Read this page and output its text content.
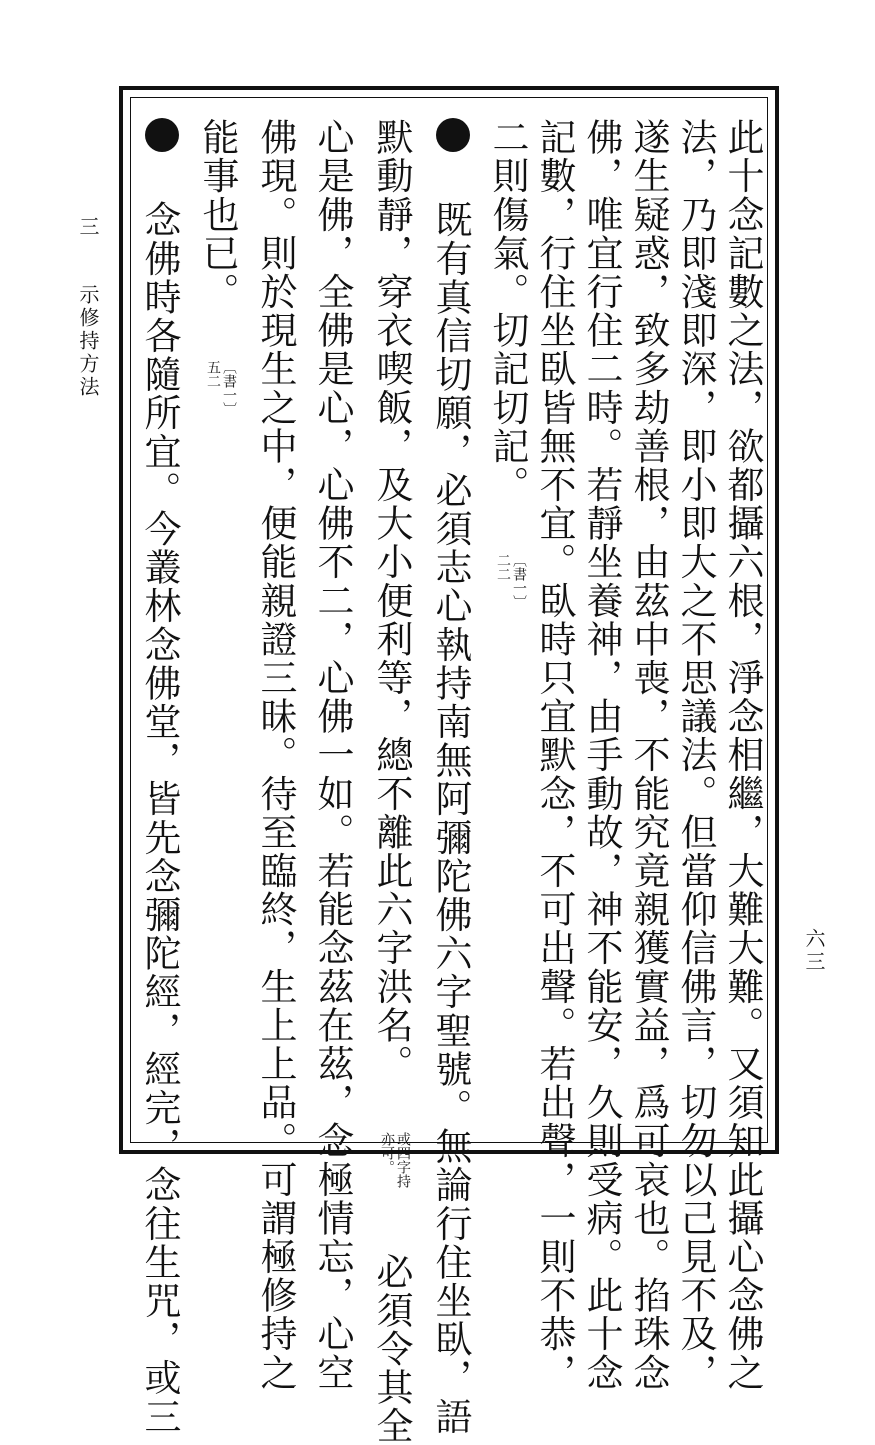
三 示修持方法
六三
此十念記數之法，欲都攝六根，淨念相繼，大難大難。又須知此攝心念佛之
法，乃即淺即深，即小即大之不思議法。但當仰信佛言，切勿以己見不及，
遂生疑惑，致多劫善根，由茲中喪，不能究竟親獲實益，爲可哀也。掐珠念
佛，唯宜行住二時。若靜坐養神，由手動故，神不能安，久則受病。此十念
記數，行住坐臥皆無不宜。臥時只宜默念，不可出聲。若出聲，一則不恭，
二則傷氣。切記切記。
〔書一〕
二二
既有真信切願，必須志心執持南無阿彌陀佛六字聖號。無論行住坐臥，語
默動靜，穿衣喫飯，及大小便利等，總不離此六字洪名。
或四字持
亦可。
必須令其全
心是佛，全佛是心，心佛不二，心佛一如。若能念茲在茲，念極情忘，心空
佛現。則於現生之中，便能親證三昧。待至臨終，生上上品。可謂極修持之
能事也已。
〔書一〕
五二
念佛時各隨所宜。今叢林念佛堂，皆先念彌陀經，經完，念往生咒，或三
